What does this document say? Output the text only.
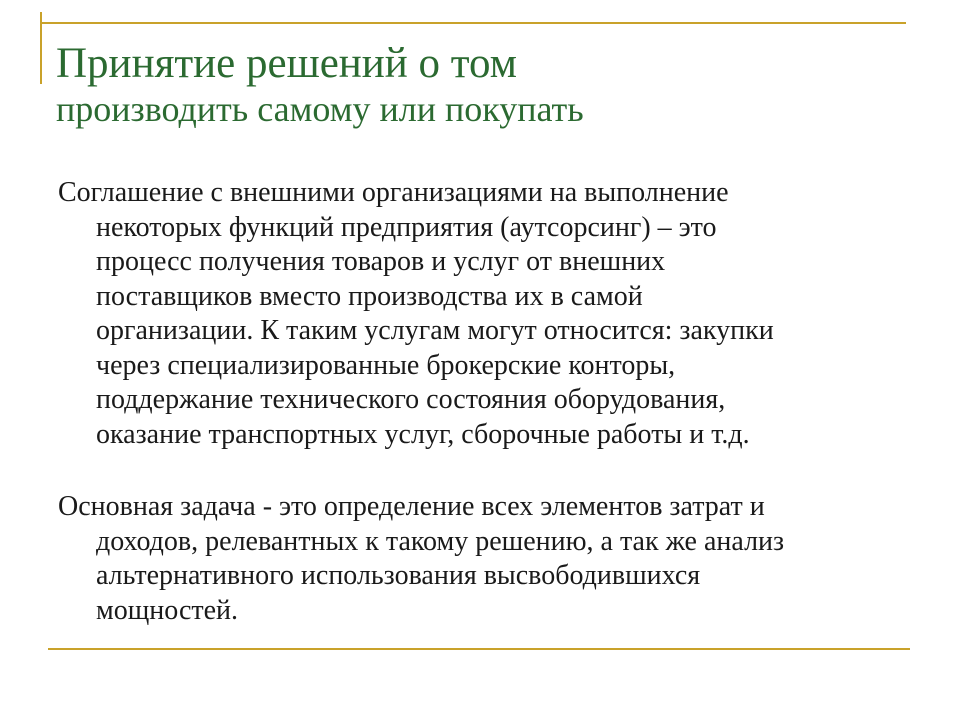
Принятие решений о том
производить самому или покупать

Соглашение с внешними организациями на выполнение
некоторых функций предприятия (аутсорсинг) – это
процесс получения товаров и услуг от внешних
поставщиков вместо производства их в самой
организации. К таким услугам могут относится: закупки
через специализированные брокерские конторы,
поддержание технического состояния оборудования,
оказание транспортных услуг, сборочные работы и т.д.

Основная задача - это определение всех элементов затрат и
доходов, релевантных к такому решению, а так же анализ
альтернативного использования высвободившихся
мощностей.
